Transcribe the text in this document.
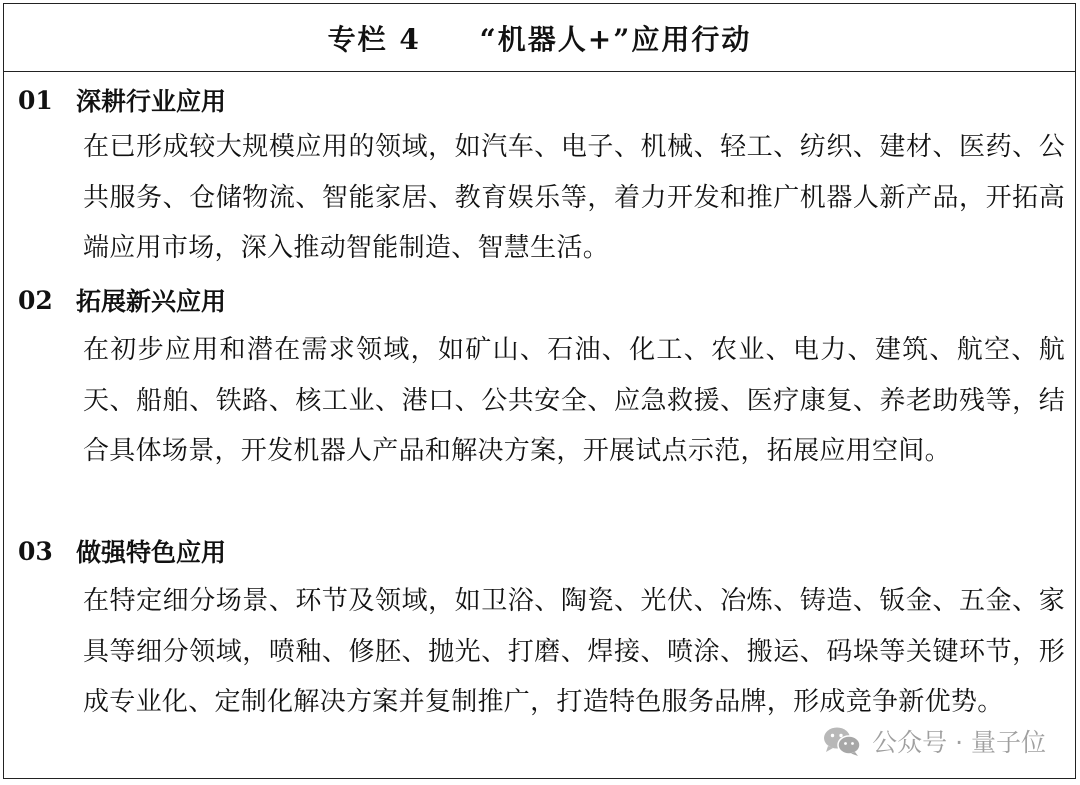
专栏 4     “机器人+”应用行动
01 深耕行业应用
在已形成较大规模应用的领域，如汽车、电子、机械、轻工、纺织、建材、医药、公共服务、仓储物流、智能家居、教育娱乐等，着力开发和推广机器人新产品，开拓高端应用市场，深入推动智能制造、智慧生活。
02 拓展新兴应用
在初步应用和潜在需求领域，如矿山、石油、化工、农业、电力、建筑、航空、航天、船舶、铁路、核工业、港口、公共安全、应急救援、医疗康复、养老助残等，结合具体场景，开发机器人产品和解决方案，开展试点示范，拓展应用空间。
03 做强特色应用
在特定细分场景、环节及领域，如卫浴、陶瓷、光伏、冶炼、铸造、钣金、五金、家具等细分领域，喷釉、修胚、抛光、打磨、焊接、喷涂、搬运、码垛等关键环节，形成专业化、定制化解决方案并复制推广，打造特色服务品牌，形成竞争新优势。
公众号 · 量子位
